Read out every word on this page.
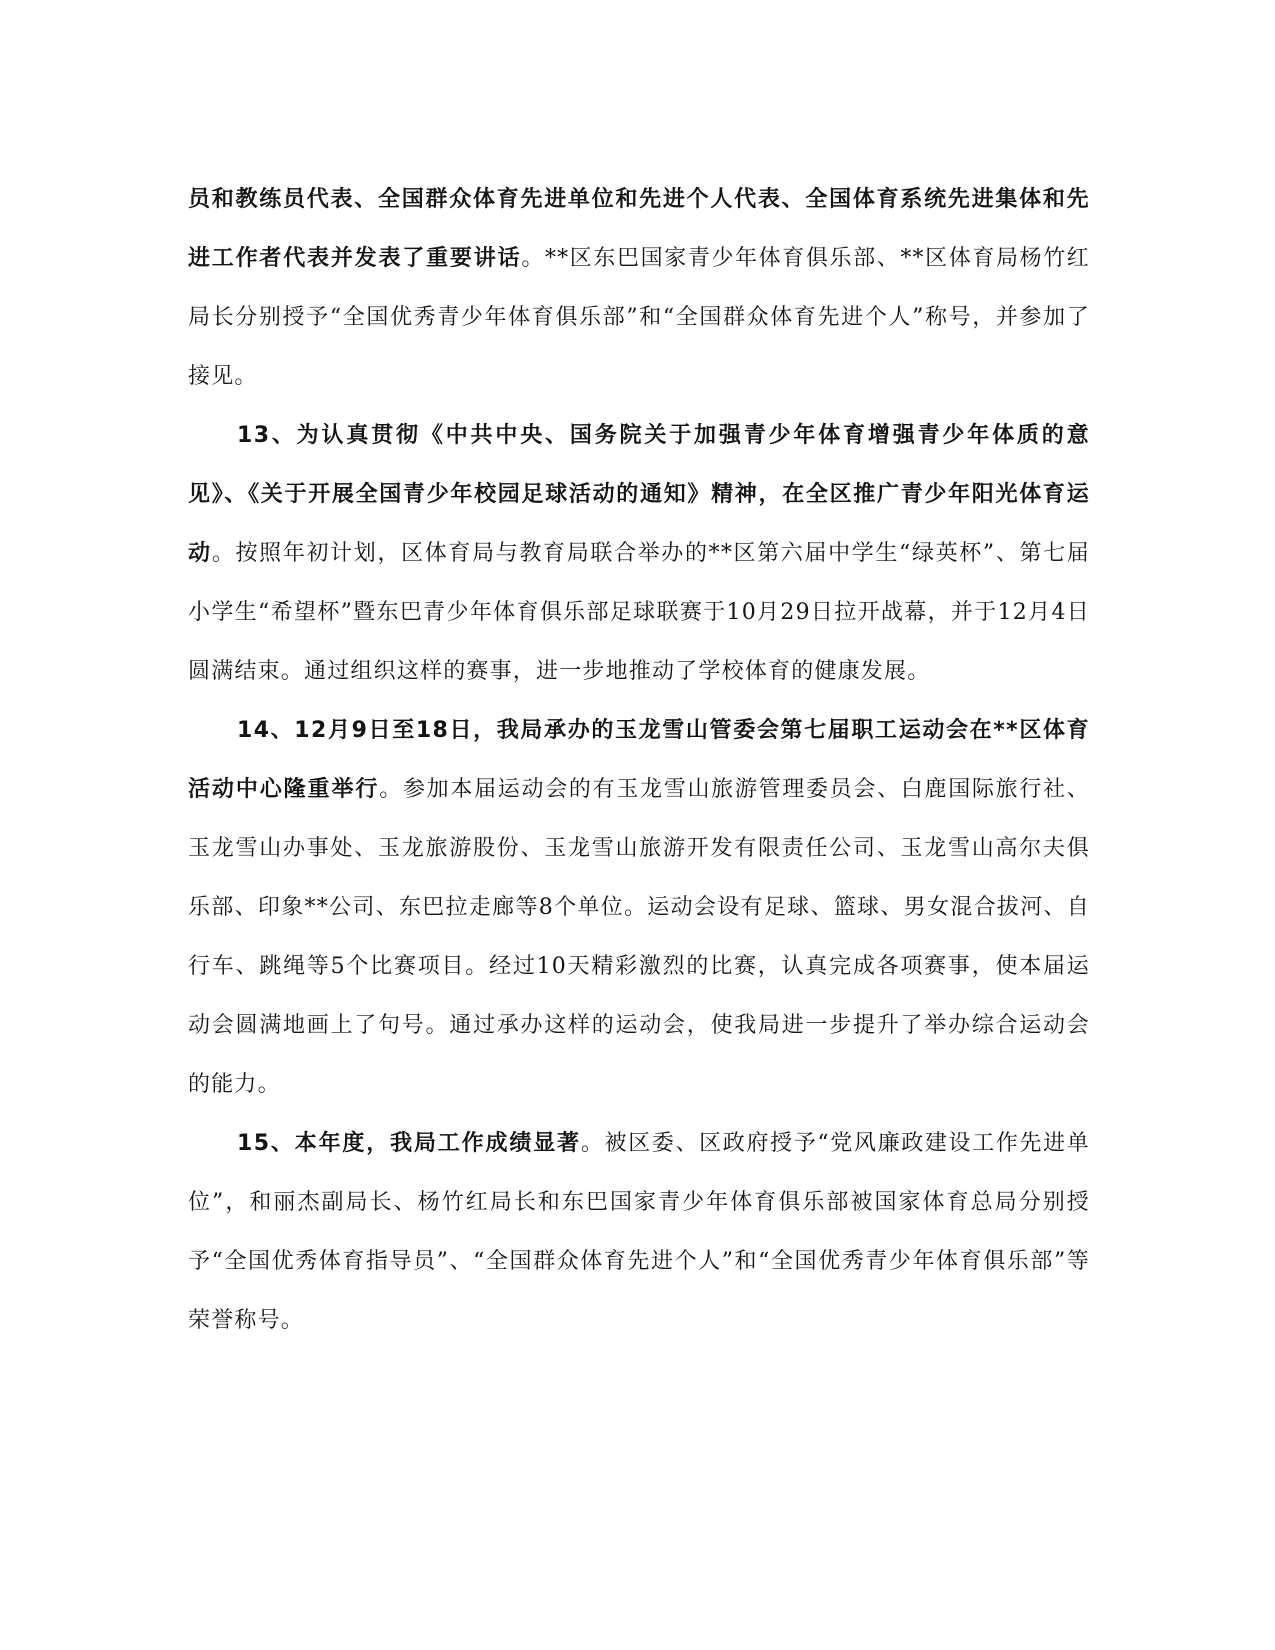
员和教练员代表、全国群众体育先进单位和先进个人代表、全国体育系统先进集体和先进工作者代表并发表了重要讲话。**区东巴国家青少年体育俱乐部、**区体育局杨竹红局长分别授予“全国优秀青少年体育俱乐部”和“全国群众体育先进个人”称号，并参加了接见。

13、为认真贯彻《中共中央、国务院关于加强青少年体育增强青少年体质的意见》、《关于开展全国青少年校园足球活动的通知》精神，在全区推广青少年阳光体育运动。按照年初计划，区体育局与教育局联合举办的**区第六届中学生“绿英杯”、第七届小学生“希望杯”暨东巴青少年体育俱乐部足球联赛于10月29日拉开战幕，并于12月4日圆满结束。通过组织这样的赛事，进一步地推动了学校体育的健康发展。

14、12月9日至18日，我局承办的玉龙雪山管委会第七届职工运动会在**区体育活动中心隆重举行。参加本届运动会的有玉龙雪山旅游管理委员会、白鹿国际旅行社、玉龙雪山办事处、玉龙旅游股份、玉龙雪山旅游开发有限责任公司、玉龙雪山高尔夫俱乐部、印象**公司、东巴拉走廊等8个单位。运动会设有足球、篮球、男女混合拔河、自行车、跳绳等5个比赛项目。经过10天精彩激烈的比赛，认真完成各项赛事，使本届运动会圆满地画上了句号。通过承办这样的运动会，使我局进一步提升了举办综合运动会的能力。

15、本年度，我局工作成绩显著。被区委、区政府授予“党风廉政建设工作先进单位”，和丽杰副局长、杨竹红局长和东巴国家青少年体育俱乐部被国家体育总局分别授予“全国优秀体育指导员”、“全国群众体育先进个人”和“全国优秀青少年体育俱乐部”等荣誉称号。
